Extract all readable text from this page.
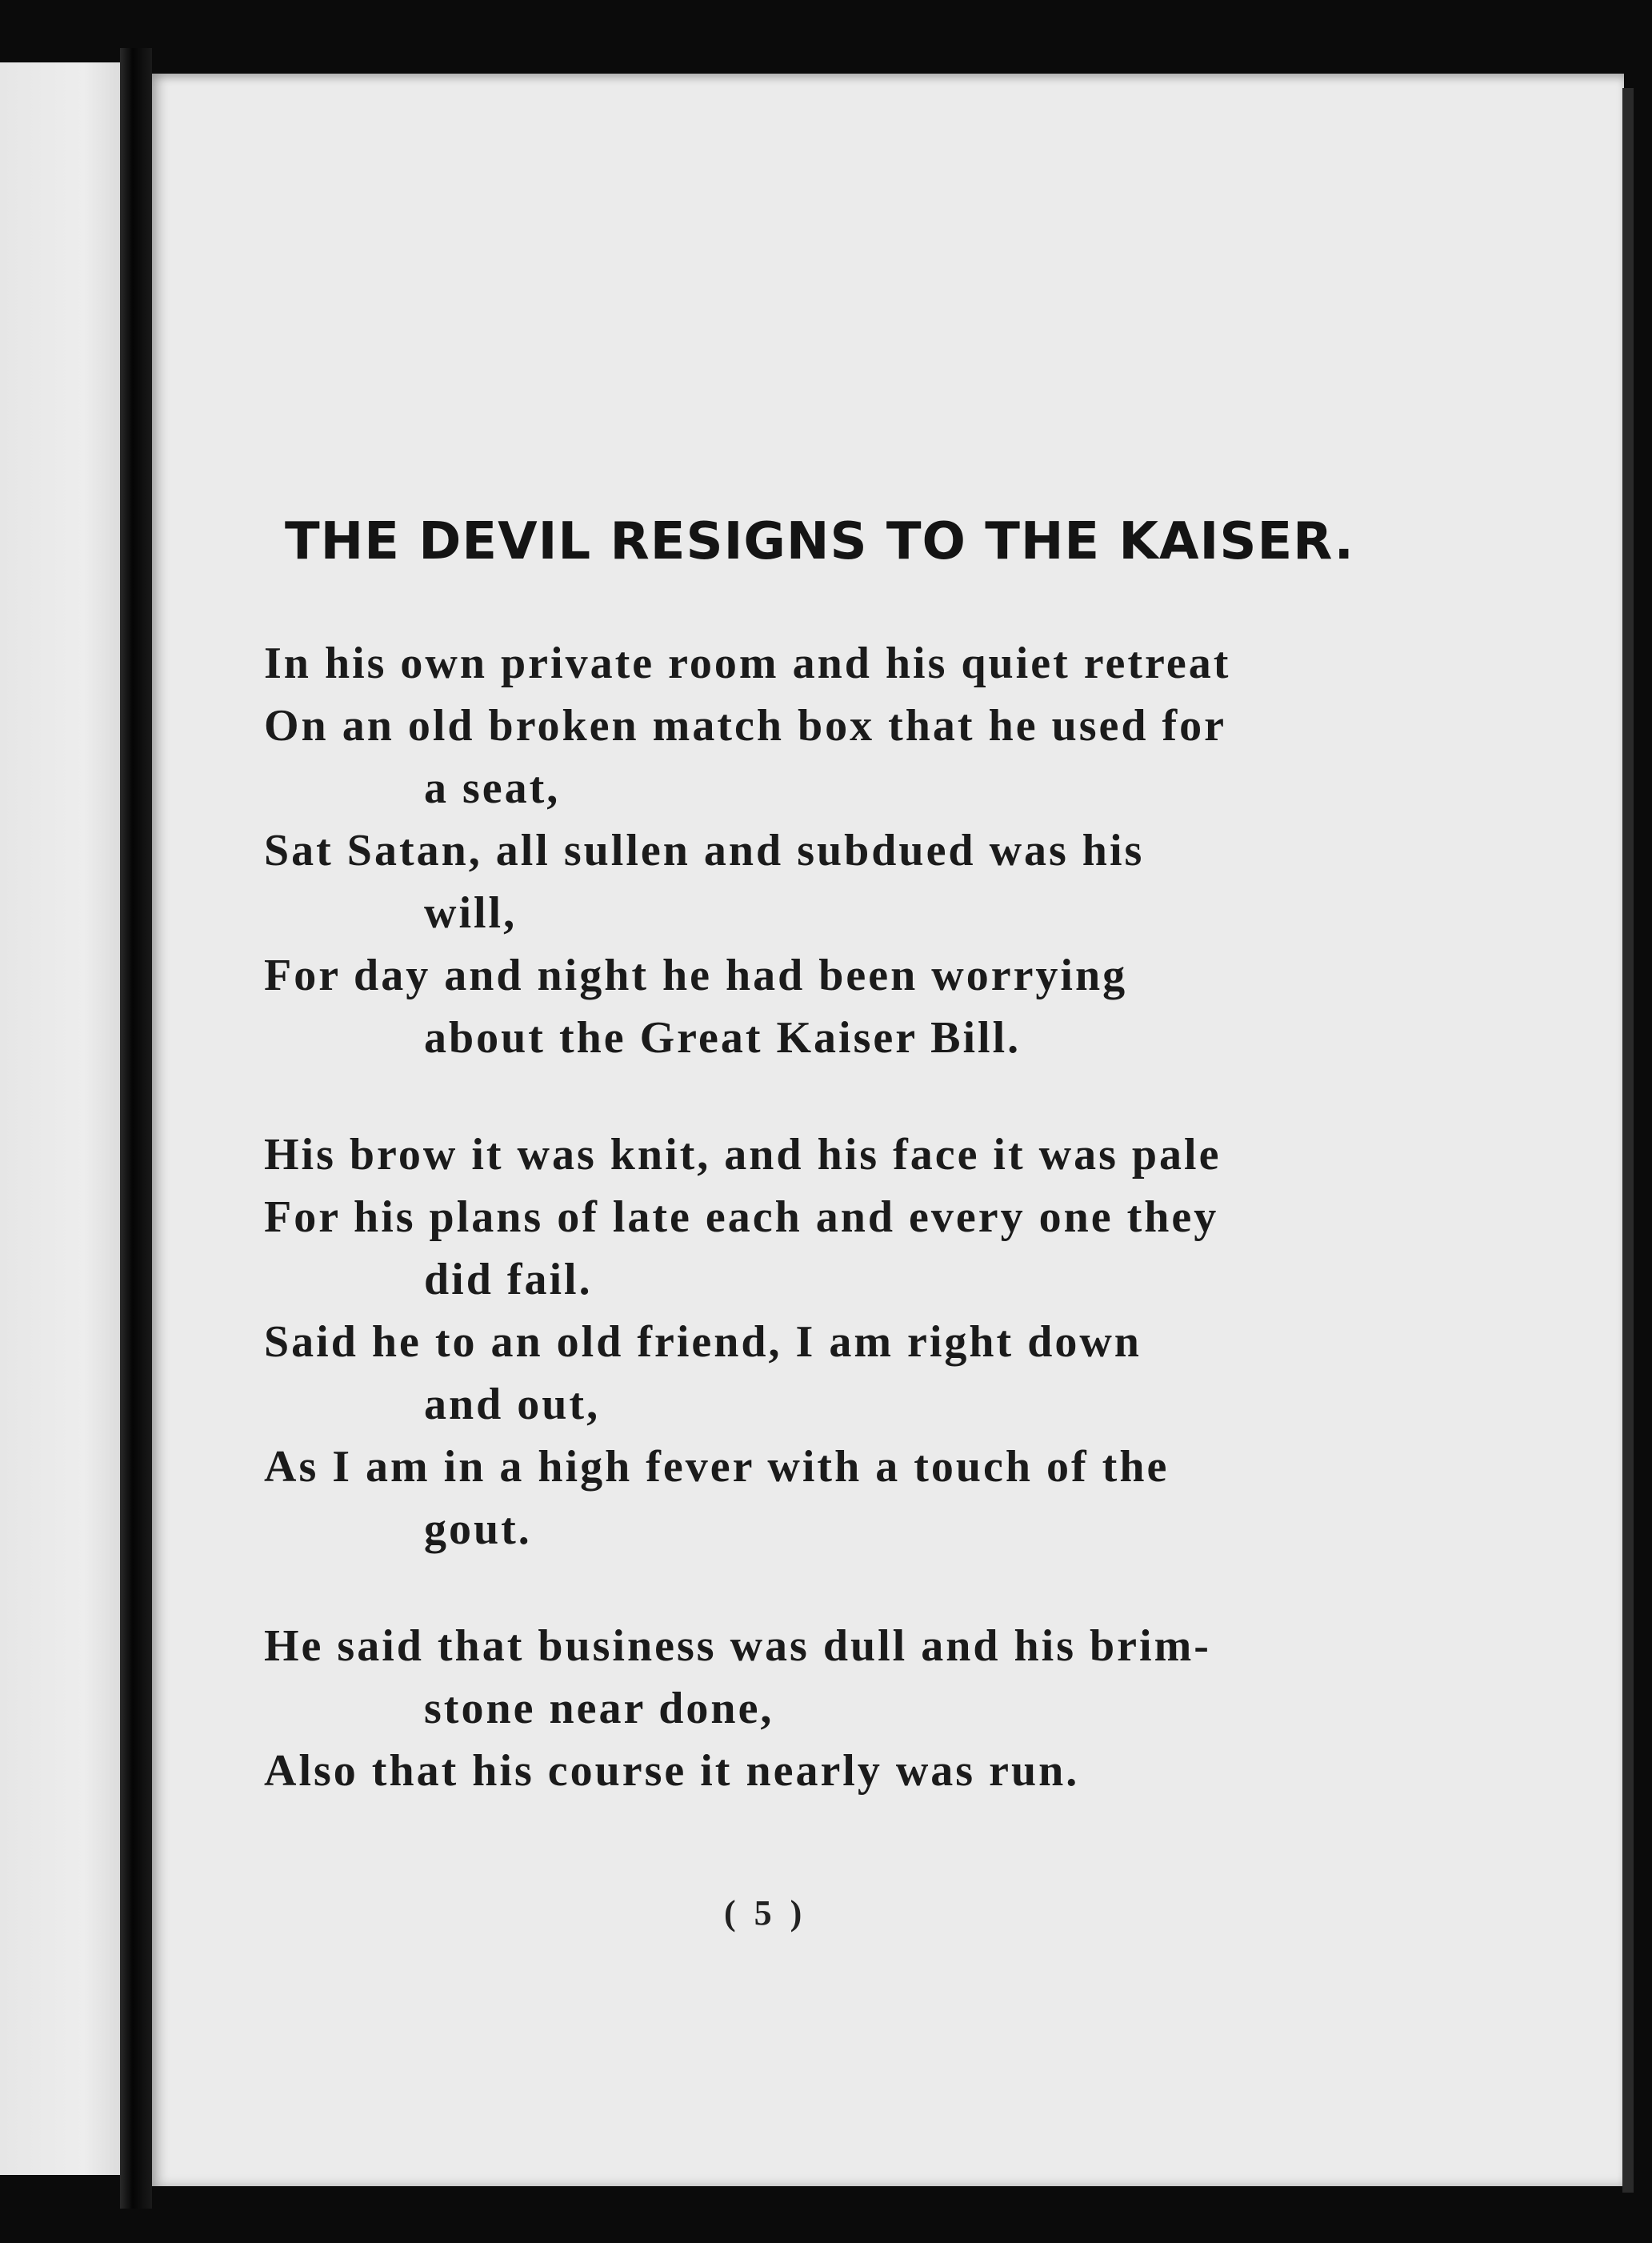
THE DEVIL RESIGNS TO THE KAISER.
In his own private room and his quiet retreat
On an old broken match box that he used for
a seat,
Sat Satan, all sullen and subdued was his
will,
For day and night he had been worrying
about the Great Kaiser Bill.
His brow it was knit, and his face it was pale
For his plans of late each and every one they
did fail.
Said he to an old friend, I am right down
and out,
As I am in a high fever with a touch of the
gout.
He said that business was dull and his brim-
stone near done,
Also that his course it nearly was run.
( 5 )
